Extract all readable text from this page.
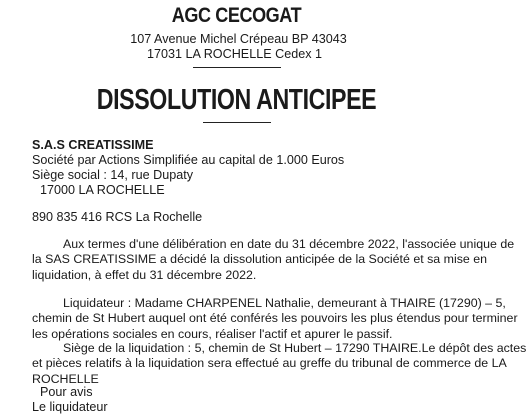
AGC CECOGAT
107 Avenue Michel Crépeau BP 43043
17031 LA ROCHELLE Cedex 1
DISSOLUTION ANTICIPEE
S.A.S CREATISSIME
Société par Actions Simplifiée au capital de 1.000 Euros
Siège social : 14, rue Dupaty
17000 LA ROCHELLE
890 835 416 RCS La Rochelle
Aux termes d'une délibération en date du 31 décembre 2022, l'associée unique de
la SAS CREATISSIME a décidé la dissolution anticipée de la Société et sa mise en
liquidation, à effet du 31 décembre 2022.
Liquidateur : Madame CHARPENEL Nathalie, demeurant à THAIRE (17290) – 5,
chemin de St Hubert auquel ont été conférés les pouvoirs les plus étendus pour terminer
les opérations sociales en cours, réaliser l'actif et apurer le passif.
Siège de la liquidation : 5, chemin de St Hubert – 17290 THAIRE.Le dépôt des actes
et pièces relatifs à la liquidation sera effectué au greffe du tribunal de commerce de LA
ROCHELLE
Pour avis
Le liquidateur
